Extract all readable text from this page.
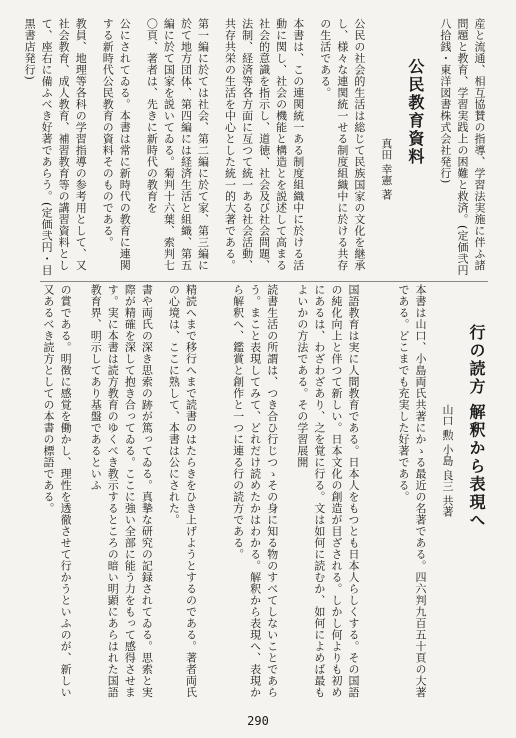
産と流通、相互協賛の指導、学習法実施に伴ふ諸問題と教育、学習実践上の困難と救済。(定価弐円八拾銭・東洋図書株式会社発行)
公民教育資料
真田 幸憲 著
公民の社会的生活は総じて民族国家の文化を継承し、様々な連関統一せる制度組織中に於ける共存の生活である。
本書は、この連関統一ある制度組織中に於ける活動に関し、社会の機能と構造とを説述して高まる社会的意識を指示し、道徳、社会及び社会問題、法制、経済等各方面に亙つて統一ある社会活動、共存共栄の生活を中心とした統一的大著である。
第一編に於ては社会、第二編に於て家、第三編に於て地方団体、第四編には経済生活と組織、第五編に於て国家を説いてゐる。菊判十六葉、索判七〇頁、著者は、先きに新時代の教育を
公にされてゐる。本書は常に新時代の教育に連関する新時代公民教育の資料そのものである。
教員、地理等各科の学習指導の参考用として、又社会教育、成人教育、補習教育等の講習資料として、座右に備ふべき好著であらう。(定価弐円・目黒書店発行)
行の読方 解釈から表現へ
山口 勲 小島 良三 共著
本書は山口、小島両氏共著にかゝる最近の名著である。四六判九百五十頁の大著である。どこまでも充実した好著である。
国語教育は実に人間教育である。日本人をもつとも日本人らしくする。その国語の純化向上と伴つて新しい。日本文化の創造が目ざされる。しかし何よりも初めにあるは、わざわざあり、之を覚に行る。文は如何に読むか、如何によめば最もよいかの方法である。その学習展開
読書生活の所謂は、つき合ひ行じつゝその身に知る物のすべてしないことであらう。まこと表現してみて、どれだけ読めたかはわかる。解釈から表現へ、表現から解釈へ、鑑賞と創作と一つに連る行の読方である。
精読へまで移行へまで読書のはたらきをひき上げようとするのである。著者両氏の心境は、ここに熟して、本書は公にされた。
書や両氏の深き思索の跡が篤ってゐる。真摯な研究の記録されてゐる。思索と実際が精確を深して抱き合ってゐる。ここに強い全部に能う力をもって感得させます。実に本書は読方教育のゆくべき教示するところの暗い明顕にあらはれた国語教育界、明示してあり基盤であるといふ
の賞である。明徴に感覚を働かし、理性を透徹させて行かうといふのが、新しい又あるべき読方としての本書の標語である。
290
